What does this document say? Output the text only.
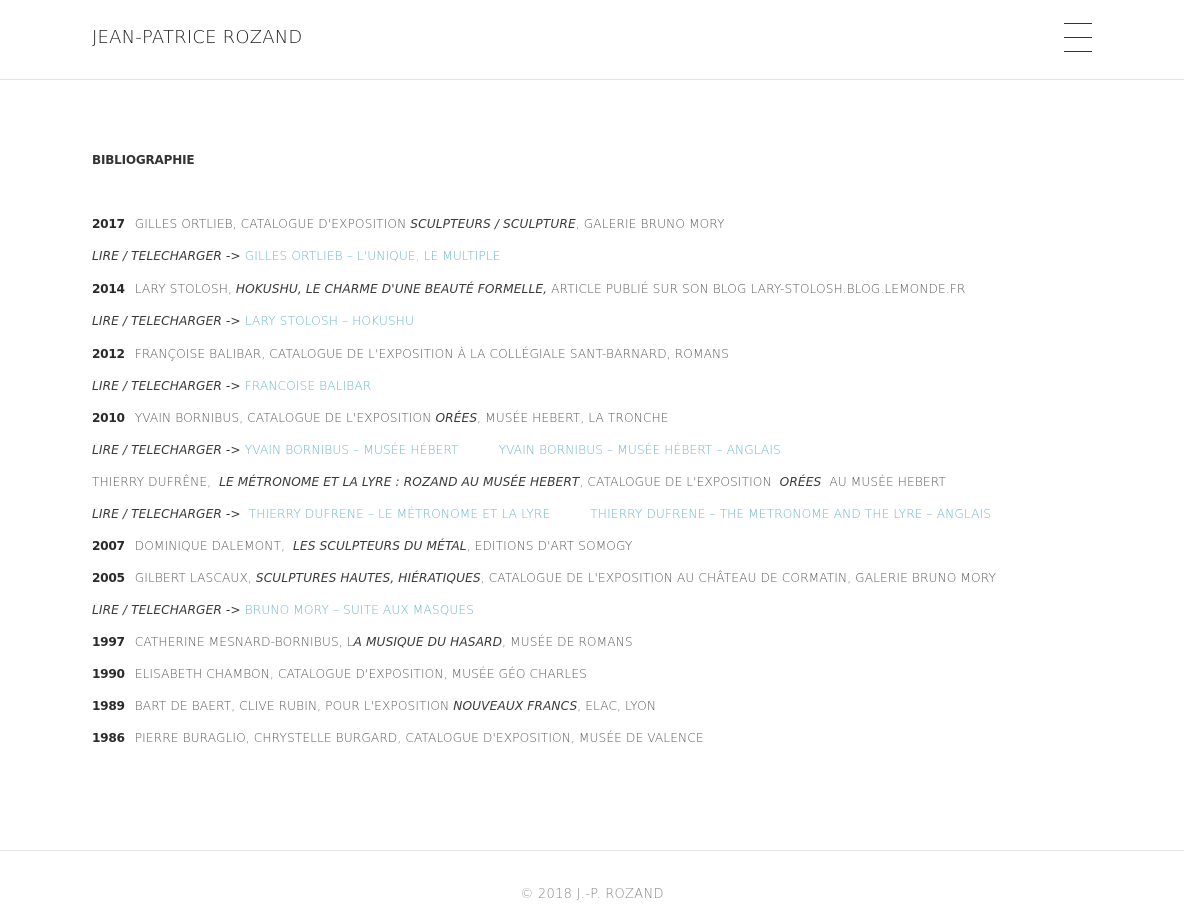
JEAN-PATRICE ROZAND
BIBLIOGRAPHIE
2017 GILLES ORTLIEB, CATALOGUE D'EXPOSITION SCULPTEURS / SCULPTURE, GALERIE BRUNO MORY
LIRE / TELECHARGER -> GILLES ORTLIEB – L'UNIQUE, LE MULTIPLE
2014 LARY STOLOSH, HOKUSHU, LE CHARME D'UNE BEAUTÉ FORMELLE, ARTICLE PUBLIÉ SUR SON BLOG LARY-STOLOSH.BLOG.LEMONDE.FR
LIRE / TELECHARGER -> LARY STOLOSH – HOKUSHU
2012 FRANÇOISE BALIBAR, CATALOGUE DE L'EXPOSITION À LA COLLÉGIALE SANT-BARNARD, ROMANS
LIRE / TELECHARGER -> FRANCOISE BALIBAR
2010 YVAIN BORNIBUS, CATALOGUE DE L'EXPOSITION ORÉES, MUSÉE HEBERT, LA TRONCHE
LIRE / TELECHARGER -> YVAIN BORNIBUS – MUSÉE HÉBERT	YVAIN BORNIBUS – MUSÉE HÉBERT – ANGLAIS
THIERRY DUFRÊNE, LE MÉTRONOME ET LA LYRE : ROZAND AU MUSÉE HEBERT, CATALOGUE DE L'EXPOSITION ORÉES AU MUSÉE HEBERT
LIRE / TELECHARGER -> THIERRY DUFRENE – LE MÉTRONOME ET LA LYRE	THIERRY DUFRENE – THE METRONOME AND THE LYRE – ANGLAIS
2007 DOMINIQUE DALEMONT, LES SCULPTEURS DU MÉTAL, EDITIONS D'ART SOMOGY
2005 GILBERT LASCAUX, SCULPTURES HAUTES, HIÉRATIQUES, CATALOGUE DE L'EXPOSITION AU CHÂTEAU DE CORMATIN, GALERIE BRUNO MORY
LIRE / TELECHARGER -> BRUNO MORY – SUITE AUX MASQUES
1997 CATHERINE MESNARD-BORNIBUS, LA MUSIQUE DU HASARD, MUSÉE DE ROMANS
1990 ELISABETH CHAMBON, CATALOGUE D'EXPOSITION, MUSÉE GÉO CHARLES
1989 BART DE BAERT, CLIVE RUBIN, POUR L'EXPOSITION NOUVEAUX FRANCS, ELAC, LYON
1986 PIERRE BURAGLIO, CHRYSTELLE BURGARD, CATALOGUE D'EXPOSITION, MUSÉE DE VALENCE
© 2018 J.-P. ROZAND
